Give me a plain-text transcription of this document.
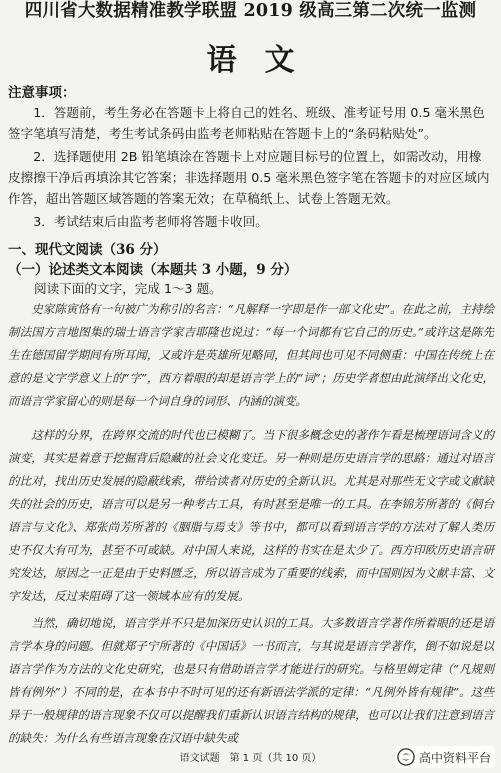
四川省大数据精准教学联盟 2019 级高三第二次统一监测
语文
注意事项：
1．答题前，考生务必在答题卡上将自己的姓名、班级、准考证号用 0.5 毫米黑色签字笔填写清楚，考生考试条码由监考老师粘贴在答题卡上的“条码粘贴处”。
2．选择题使用 2B 铅笔填涂在答题卡上对应题目标号的位置上，如需改动，用橡皮擦擦干净后再填涂其它答案；非选择题用 0.5 毫米黑色签字笔在答题卡的对应区域内作答，超出答题区域答题的答案无效；在草稿纸上、试卷上答题无效。
3．考试结束后由监考老师将答题卡收回。
一、现代文阅读（36 分）
（一）论述类文本阅读（本题共 3 小题，9 分）
阅读下面的文字，完成 1～3 题。
史家陈寅恪有一句被广为称引的名言：“凡解释一字即是作一部文化史”。在此之前，主持绘制法国方言地图集的瑞士语言学家吉耶隆也说过：“每一个词都有它自己的历史。”或许这是陈先生在德国留学期间有所耳闻，又或许是英雄所见略同，但其间也可见不同侧重：中国在传统上在意的是文字学意义上的“字”，西方着眼的却是语言学上的“词”；历史学者想由此演绎出文化史，而语言学家留心的则是每一个词自身的词形、内涵的演变。
这样的分界，在跨界交流的时代也已模糊了。当下很多概念史的著作乍看是梳理语词含义的演变，其实是着意于挖掘背后隐藏的社会文化变迁。另一种则是历史语言学的思路：通过对语言的比对，找出历史发展的隐蔽线索，带给读者对历史的全新认识。尤其是对那些无文字或文献缺失的社会的历史，语言可以是另一种考古工具，有时甚至是唯一的工具。在李锦芳所著的《侗台语言与文化》、郑张尚芳所著的《胭脂与焉支》等书中，都可以看到语言学的方法对了解人类历史不仅大有可为，甚至不可或缺。对中国人来说，这样的书实在是太少了。西方印欧历史语言研究发达，原因之一正是由于史料匮乏，所以语言成为了重要的线索，而中国则因为文献丰富、文字发达，反过来阻碍了这一领域本应有的发展。
当然，确切地说，语言学并不只是加深历史认识的工具。大多数语言学著作所着眼的还是语言学本身的问题。但就郑子宁所著的《中国话》一书而言，与其说是语言学著作，倒不如说是以语言学作为方法的文化史研究，也是只有借助语言学才能进行的研究。与格里姆定律（“凡规则皆有例外”）不同的是，在本书中不时可见的还有新语法学派的定律：“凡例外皆有规律”。这些异于一般规律的语言现象不仅可以提醒我们重新认识语言结构的规律，也可以让我们注意到语言的缺失：为什么有些语言现象在汉语中缺失或
语文试题　第 1 页（共 10 页）	高中资料平台
